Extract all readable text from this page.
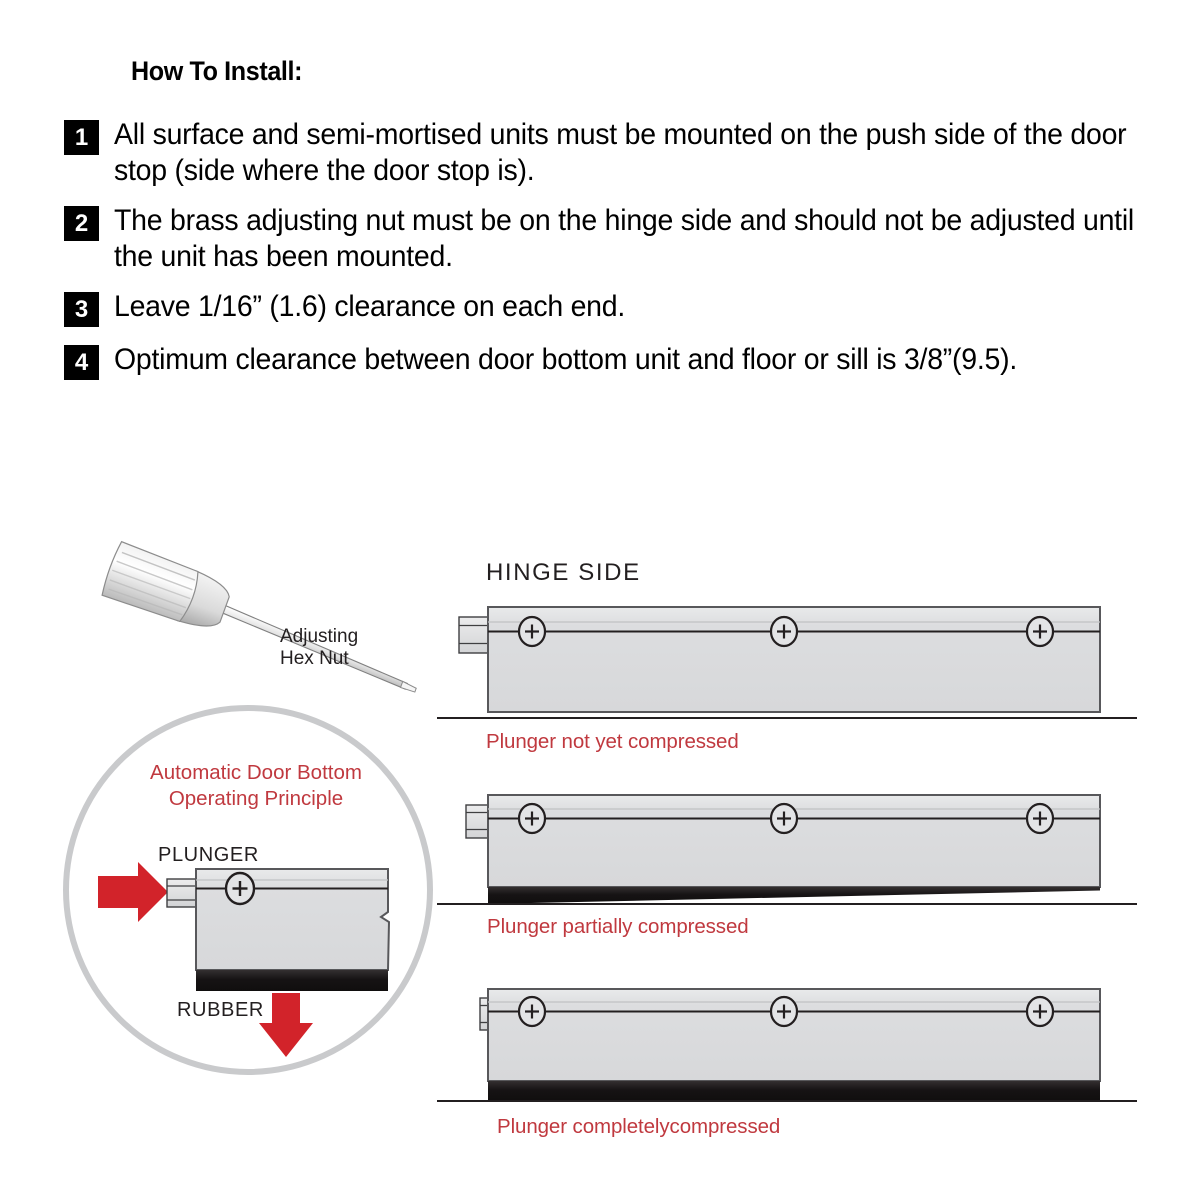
How To Install:
1 All surface and semi-mortised units must be mounted on the push side of the door stop (side where the door stop is).
2 The brass adjusting nut must be on the hinge side and should not be adjusted until the unit has been mounted.
3 Leave 1/16” (1.6) clearance on each end.
4 Optimum clearance between door bottom unit and floor or sill is 3/8”(9.5).
HINGE SIDE
Adjusting
Hex Nut
Plunger not yet compressed
Plunger partially compressed
Plunger completelycompressed
Automatic Door Bottom
Operating Principle
PLUNGER
RUBBER
